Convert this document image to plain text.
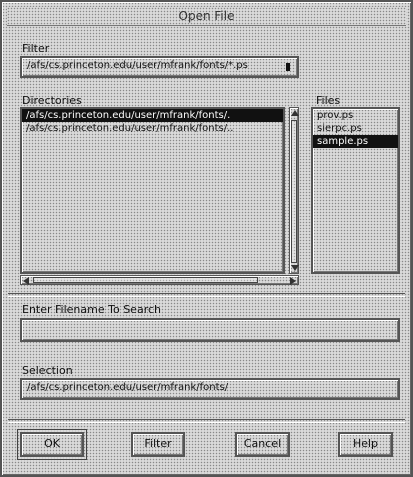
Open File
Filter
/afs/cs.princeton.edu/user/mfrank/fonts/*.ps
Directories
/afs/cs.princeton.edu/user/mfrank/fonts/.
/afs/cs.princeton.edu/user/mfrank/fonts/..
Files
prov.ps
sierpc.ps
sample.ps
Enter Filename To Search
Selection
/afs/cs.princeton.edu/user/mfrank/fonts/
OK	Filter	Cancel	Help
